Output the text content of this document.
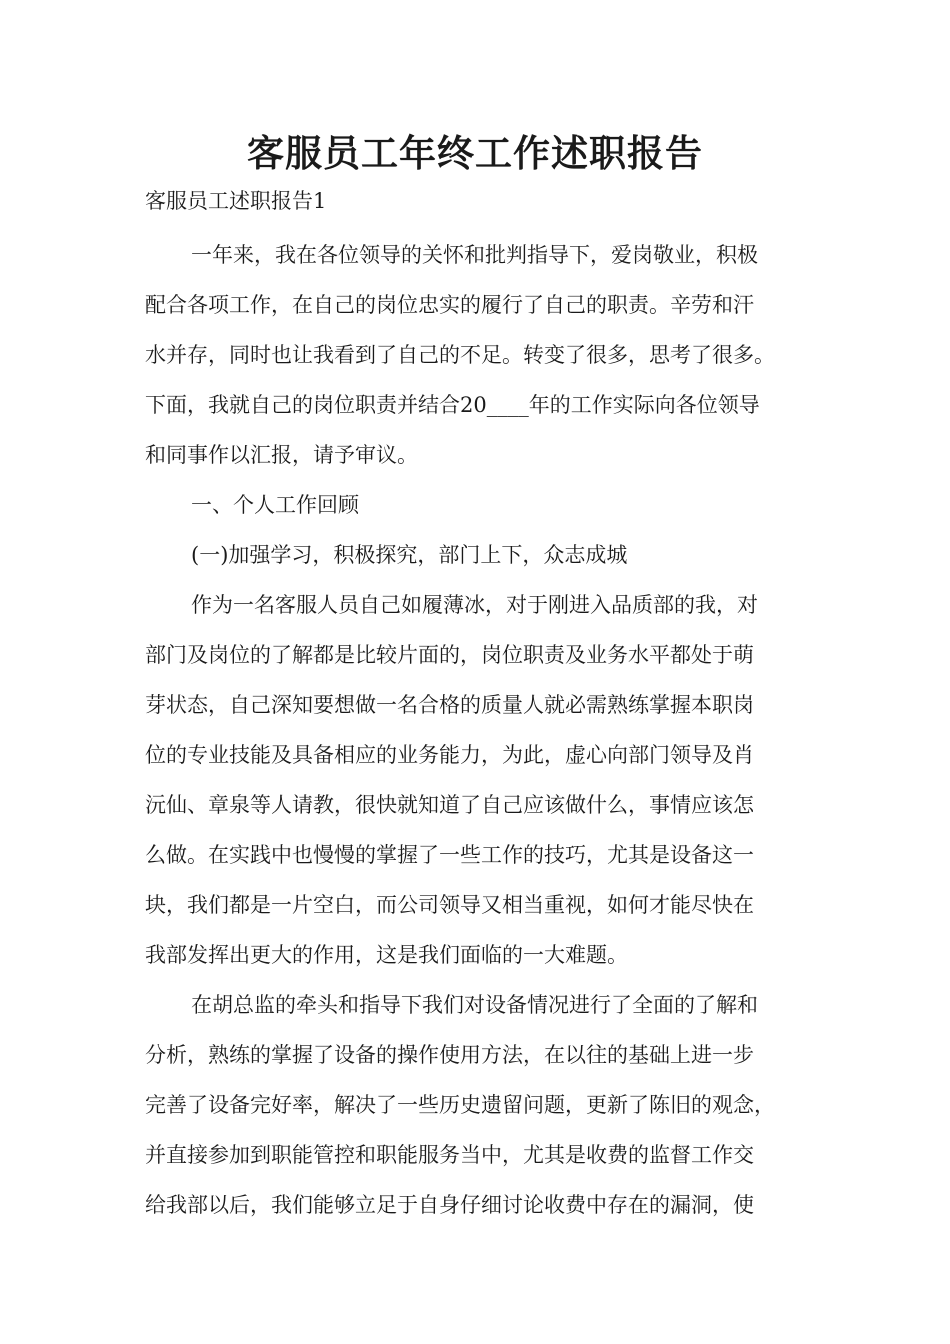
客服员工年终工作述职报告
客服员工述职报告1
一年来，我在各位领导的关怀和批判指导下，爱岗敬业，积极
配合各项工作，在自己的岗位忠实的履行了自己的职责。辛劳和汗
水并存，同时也让我看到了自己的不足。转变了很多，思考了很多。
下面，我就自己的岗位职责并结合20____年的工作实际向各位领导
和同事作以汇报，请予审议。
一、个人工作回顾
(一)加强学习，积极探究，部门上下，众志成城
作为一名客服人员自己如履薄冰，对于刚进入品质部的我，对
部门及岗位的了解都是比较片面的，岗位职责及业务水平都处于萌
芽状态，自己深知要想做一名合格的质量人就必需熟练掌握本职岗
位的专业技能及具备相应的业务能力，为此，虚心向部门领导及肖
沅仙、章泉等人请教，很快就知道了自己应该做什么，事情应该怎
么做。在实践中也慢慢的掌握了一些工作的技巧，尤其是设备这一
块，我们都是一片空白，而公司领导又相当重视，如何才能尽快在
我部发挥出更大的作用，这是我们面临的一大难题。
在胡总监的牵头和指导下我们对设备情况进行了全面的了解和
分析，熟练的掌握了设备的操作使用方法，在以往的基础上进一步
完善了设备完好率，解决了一些历史遗留问题，更新了陈旧的观念，
并直接参加到职能管控和职能服务当中，尤其是收费的监督工作交
给我部以后，我们能够立足于自身仔细讨论收费中存在的漏洞，使
